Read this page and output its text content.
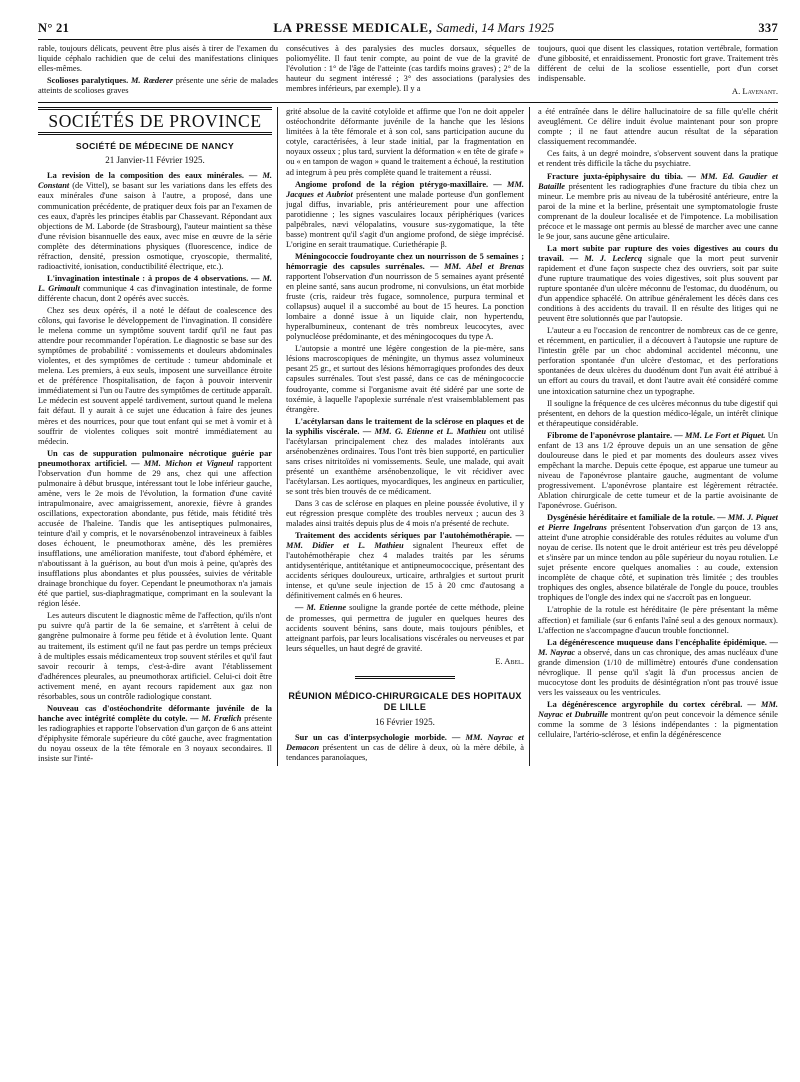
N° 21	LA PRESSE MEDICALE, Samedi, 14 Mars 1925	337

rable, toujours délicats, peuvent être plus aisés à tirer de l'examen du liquide céphalo rachidien que de celui des manifestations cliniques elles-mêmes.

Scolioses paralytiques. M. Rœderer présente une série de malades atteints de scolioses graves

consécutives à des paralysies des mucles dorsaux, séquelles de poliomyélite. Il faut tenir compte, au point de vue de la gravité de l'évolution : 1° de l'âge de l'atteinte (cas tardifs moins graves) ; 2° de la hauteur du segment intéressé ; 3° des associations (paralysies des membres inférieurs, par exemple). Il y a

toujours, quoi que disent les classiques, rotation vertébrale, formation d'une gibbosité, et enraidissement. Pronostic fort grave. Traitement très différent de celui de la scoliose essentielle, port d'un corset indispensable.

A. Lavenant.

SOCIÉTÉS DE PROVINCE
SOCIÉTÉ DE MÉDECINE DE NANCY
21 Janvier-11 Février 1925.

La revision de la composition des eaux minérales. — M. Constant (de Vittel), se basant sur les variations dans les effets des eaux minérales d'une saison à l'autre, a proposé, dans une communication précédente, de pratiquer deux fois par an l'examen de ces eaux, d'après les principes établis par Chassevant. Répondant aux objections de M. Laborde (de Strasbourg), l'auteur maintient sa thèse d'une révision bisannuelle des eaux, avec mise en œuvre de la série complète des déterminations physiques (fluorescence, indice de réfraction, densité, pression osmotique, cryoscopie, thermalité, radioactivité, ionisation, conductibilité électrique, etc.).

L'invagination intestinale : à propos de 4 observations. — M. L. Grimault communique 4 cas d'invagination intestinale, de forme différente chacun, dont 2 opérés avec succès.

Chez ses deux opérés, il a noté le défaut de coalescence des côlons, qui favorise le développement de l'invagination. Il considère le melena comme un symptôme souvent tardif qu'il ne faut pas attendre pour recommander l'opération. Le diagnostic se base sur des symptômes de probabilité : vomissements et douleurs abdominales violentes, et des symptômes de certitude : tumeur abdominale et melena. Les premiers, à eux seuls, imposent une surveillance étroite et de préférence l'hospitalisation, de façon à pouvoir intervenir immédiatement si l'un ou l'autre des symptômes de certitude apparaît. Le médecin est souvent appelé tardivement, surtout quand le melena fait défaut. Il y aurait à ce sujet une éducation à faire des jeunes mères et des nourrices, pour que tout enfant qui se met à vomir et à souffrir de violentes coliques soit montré immédiatement au médecin.

Un cas de suppuration pulmonaire nécrotique guérie par pneumothorax artificiel. — MM. Michon et Vigneul rapportent l'observation d'un homme de 29 ans, chez qui une affection pulmonaire à début brusque, intéressant tout le lobe inférieur gauche, amène, vers le 2e mois de l'évolution, la formation d'une cavité intrapulmonaire, avec amaigrissement, anorexie, fièvre à grandes oscillations, expectoration abondante, pus fétide, mais fétidité très accusée de l'haleine. Tandis que les antiseptiques pulmonaires, teinture d'ail y compris, et le novarsénobenzol intraveineux à faibles doses échouent, le pneumothorax amène, dès les premières insufflations, une amélioration manifeste, tout d'abord éphémère, et n'aboutissant à la guérison, au bout d'un mois à peine, qu'après des insufflations plus abondantes et plus poussées, suivies de véritable drainage bronchique du foyer. Cependant le pneumothorax n'a jamais été que partiel, sus-diaphragmatique, comprimant en la soulevant la région lésée.

Les auteurs discutent le diagnostic même de l'affection, qu'ils n'ont pu suivre qu'à partir de la 6e semaine, et s'arrêtent à celui de gangrène pulmonaire à forme peu fétide et à évolution lente. Quant au traitement, ils estiment qu'il ne faut pas perdre un temps précieux à de multiples essais médicamenteux trop souvent stériles et qu'il faut savoir recourir à temps, c'est-à-dire avant l'établissement d'adhérences pleurales, au pneumothorax artificiel. Celui-ci doit être activement mené, en ayant recours rapidement aux gaz non résorbables, sous un contrôle radiologique constant.

Nouveau cas d'ostéochondrite déformante juvénile de la hanche avec intégrité complète du cotyle. — M. Frœlich présente les radiographies et rapporte l'observation d'un garçon de 6 ans atteint d'épiphysite fémorale supérieure du côté gauche, avec fragmentation du noyau osseux de la tête fémorale en 3 noyaux secondaires. Il insiste sur l'inté-

grité absolue de la cavité cotyloïde et affirme que l'on ne doit appeler ostéochondrite déformante juvénile de la hanche que les lésions limitées à la tête fémorale et à son col, sans participation aucune du cotyle, caractérisées, à leur stade initial, par la fragmentation en noyaux osseux ; plus tard, survient la déformation « en tête de girafe » ou « en tampon de wagon » quand le traitement a échoué, la restitution ad integrum à peu près complète quand le traitement a réussi.

Angiome profond de la région ptérygo-maxillaire. — MM. Jacques et Aubriot présentent une malade porteuse d'un gonflement jugal diffus, invariable, pris antérieurement pour une affection parotidienne ; les signes vasculaires locaux périphériques (varices palpébrales, nævi vélopalatins, vousure sus-zygomatique, la tête basse) montrent qu'il s'agit d'un angiome profond, de siège imprécisé. L'origine en serait traumatique. Curiethérapie β.

Méningococcie foudroyante chez un nourrisson de 5 semaines ; hémorragie des capsules surrénales. — MM. Abel et Brenas rapportent l'observation d'un nourrisson de 5 semaines ayant présenté en pleine santé, sans aucun prodrome, ni convulsions, un état morbide fruste (cris, raideur très fugace, somnolence, purpura terminal et collapsus) auquel il a succombé au bout de 15 heures. La ponction lombaire a donné issue à un liquide clair, non hypertendu, hyperalbumineux, contenant de très nombreux leucocytes, avec polynucléose prédominante, et des méningocoques du type A.

L'autopsie a montré une légère congestion de la pie-mère, sans lésions macroscopiques de méningite, un thymus assez volumineux pesant 25 gr., et surtout des lésions hémorragiques profondes des deux capsules surrénales. Tout s'est passé, dans ce cas de méningococcie foudroyante, comme si l'organisme avait été sidéré par une sorte de toxémie, à laquelle l'apoplexie surrénale n'est vraisemblablement pas étrangère.

L'acétylarsan dans le traitement de la sclérose en plaques et de la syphilis viscérale. — MM. G. Etienne et L. Mathieu ont utilisé l'acétylarsan principalement chez des malades intolérants aux arsénobenzènes ordinaires. Tous l'ont très bien supporté, en particulier sans crises nitritoïdes ni vomissements. Seule, une malade, qui avait présenté un exanthème arsénobenzolique, le vit récidiver avec l'acétylarsan. Les aortiques, myocardiques, les angineux en particulier, se sont très bien trouvés de ce médicament.

Dans 3 cas de sclérose en plaques en pleine poussée évolutive, il y eut régression presque complète des troubles nerveux ; aucun des 3 malades ainsi traités depuis plus de 4 mois n'a présenté de rechute.

Traitement des accidents sériques par l'autohémothérapie. — MM. Didier et L. Mathieu signalent l'heureux effet de l'autohémothérapie chez 4 malades traités par les sérums antidysentérique, antitétanique et antipneumococcique, présentant des accidents sériques douloureux, urticaire, arthralgies et surtout prurit intense, et qu'une seule injection de 15 à 20 cmc d'autosang a définitivement calmés en 6 heures.

— M. Etienne souligne la grande portée de cette méthode, pleine de promesses, qui permettra de juguler en quelques heures des accidents souvent bénins, sans doute, mais toujours pénibles, et atteignant parfois, par leurs localisations viscérales ou nerveuses et par leurs séquelles, un haut degré de gravité.

E. Abel.

RÉUNION MÉDICO-CHIRURGICALE DES HOPITAUX DE LILLE
16 Février 1925.

Sur un cas d'interpsychologie morbide. — MM. Nayrac et Demacon présentent un cas de délire à deux, où la mère débile, à tendances paranoïaques,

a été entraînée dans le délire hallucinatoire de sa fille qu'elle chérit aveuglément. Ce délire induit évolue maintenant pour son propre compte ; il ne faut attendre aucun résultat de la séparation classiquement recommandée.

Ces faits, à un degré moindre, s'observent souvent dans la pratique et rendent très difficile la tâche du psychiatre.

Fracture juxta-épiphysaire du tibia. — MM. Ed. Gaudier et Bataille présentent les radiographies d'une fracture du tibia chez un mineur. Le membre pris au niveau de la tubérosité antérieure, entre la paroi de la mine et la berline, présentait une symptomatologie fruste comprenant de la douleur localisée et de l'impotence. La mobilisation précoce et le massage ont permis au blessé de marcher avec une canne le 9e jour, sans aucune gêne articulaire.

La mort subite par rupture des voies digestives au cours du travail. — M. J. Leclercq signale que la mort peut survenir rapidement et d'une façon suspecte chez des ouvriers, soit par suite d'une rupture traumatique des voies digestives, soit plus souvent par rupture spontanée d'un ulcère méconnu de l'estomac, du duodénum, ou d'un appendice sphacélé. On attribue généralement les décès dans ces conditions à des accidents du travail. Il en résulte des litiges qui ne peuvent être solutionnés que par l'autopsie.

L'auteur a eu l'occasion de rencontrer de nombreux cas de ce genre, et récemment, en particulier, il a découvert à l'autopsie une rupture de l'intestin grêle par un choc abdominal accidentel méconnu, une perforation spontanée d'un ulcère d'estomac, et des perforations spontanées de deux ulcères du duodénum dont l'un avait été attribué à un effort au cours du travail, et dont l'autre avait été considéré comme une intoxication saturnine chez un typographe.

Il souligne la fréquence de ces ulcères méconnus du tube digestif qui présentent, en dehors de la question médico-légale, un intérêt clinique et thérapeutique considérable.

Fibrome de l'aponévrose plantaire. — MM. Le Fort et Piquet. Un enfant de 13 ans 1/2 éprouve depuis un an une sensation de gêne douloureuse dans le pied et par moments des douleurs assez vives empêchant la marche. Depuis cette époque, est apparue une tumeur au niveau de l'aponévrose plantaire gauche, augmentant de volume progressivement. L'aponévrose plantaire est légèrement rétractée. Ablation chirurgicale de cette tumeur et de la partie avoisinante de l'aponévrose. Guérison.

Dysgénésie héréditaire et familiale de la rotule. — MM. J. Piquet et Pierre Ingelrans présentent l'observation d'un garçon de 13 ans, atteint d'une atrophie considérable des rotules réduites au volume d'un noyau de cerise. Ils notent que le droit antérieur est très peu développé et s'insère par un mince tendon au pôle supérieur du noyau rotulien. Le sujet présente encore quelques anomalies : au coude, extension incomplète de chaque côté, et supination très limitée ; des troubles trophiques des ongles, absence bilatérale de l'ongle du pouce, troubles trophiques de l'ongle des index qui ne s'accroît pas en longueur.

L'atrophie de la rotule est héréditaire (le père présentant la même affection) et familiale (sur 6 enfants l'aîné seul a des genoux normaux). L'affection ne s'accompagne d'aucun trouble fonctionnel.

La dégénérescence muqueuse dans l'encéphalite épidémique. — M. Nayrac a observé, dans un cas chronique, des amas nucléaux d'une grande dimension (1/10 de millimètre) entourés d'une condensation névroglique. Il pense qu'il s'agit là d'un processus ancien de mucocytose dont les produits de désintégration n'ont pas trouvé issue vers les vaisseaux ou les ventricules.

La dégénérescence argyrophile du cortex cérébral. — MM. Nayrac et Dubruille montrent qu'on peut concevoir la démence sénile comme la somme de 3 lésions indépendantes : la pigmentation cellulaire, l'artério-sclérose, et enfin la dégénérescence
